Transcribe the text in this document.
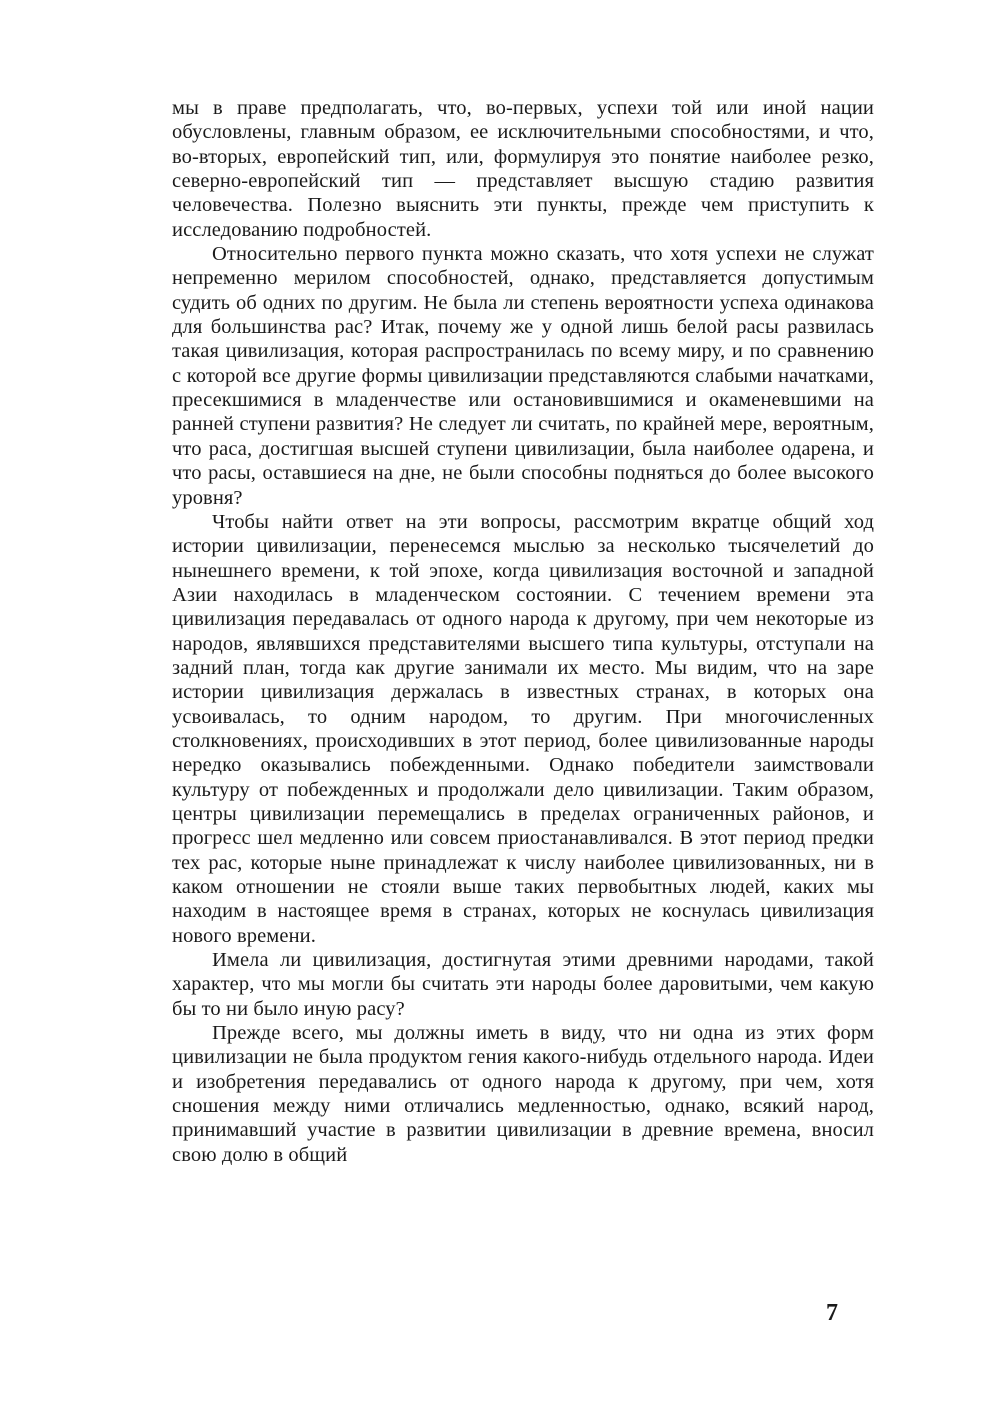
мы в праве предполагать, что, во-первых, успехи той или иной нации обусловлены, главным образом, ее исключительными способностями, и что, во-вторых, европейский тип, или, формулируя это понятие наиболее резко, северно-европейский тип — представляет высшую стадию развития человечества. Полезно выяснить эти пункты, прежде чем приступить к исследованию подробностей.

Относительно первого пункта можно сказать, что хотя успехи не служат непременно мерилом способностей, однако, представляется допустимым судить об одних по другим. Не была ли степень вероятности успеха одинакова для большинства рас? Итак, почему же у одной лишь белой расы развилась такая цивилизация, которая распространилась по всему миру, и по сравнению с которой все другие формы цивилизации представляются слабыми начатками, пресекшимися в младенчестве или остановившимися и окаменевшими на ранней ступени развития? Не следует ли считать, по крайней мере, вероятным, что раса, достигшая высшей ступени цивилизации, была наиболее одарена, и что расы, оставшиеся на дне, не были способны подняться до более высокого уровня?

Чтобы найти ответ на эти вопросы, рассмотрим вкратце общий ход истории цивилизации, перенесемся мыслью за несколько тысячелетий до нынешнего времени, к той эпохе, когда цивилизация восточной и западной Азии находилась в младенческом состоянии. С течением времени эта цивилизация передавалась от одного народа к другому, при чем некоторые из народов, являвшихся представителями высшего типа культуры, отступали на задний план, тогда как другие занимали их место. Мы видим, что на заре истории цивилизация держалась в известных странах, в которых она усвоивалась, то одним народом, то другим. При многочисленных столкновениях, происходивших в этот период, более цивилизованные народы нередко оказывались побежденными. Однако победители заимствовали культуру от побежденных и продолжали дело цивилизации. Таким образом, центры цивилизации перемещались в пределах ограниченных районов, и прогресс шел медленно или совсем приостанавливался. В этот период предки тех рас, которые ныне принадлежат к числу наиболее цивилизованных, ни в каком отношении не стояли выше таких первобытных людей, каких мы находим в настоящее время в странах, которых не коснулась цивилизация нового времени.

Имела ли цивилизация, достигнутая этими древними народами, такой характер, что мы могли бы считать эти народы более даровитыми, чем какую бы то ни было иную расу?

Прежде всего, мы должны иметь в виду, что ни одна из этих форм цивилизации не была продуктом гения какого-нибудь отдельного народа. Идеи и изобретения передавались от одного народа к другому, при чем, хотя сношения между ними отличались медленностью, однако, всякий народ, принимавший участие в развитии цивилизации в древние времена, вносил свою долю в общий

7
